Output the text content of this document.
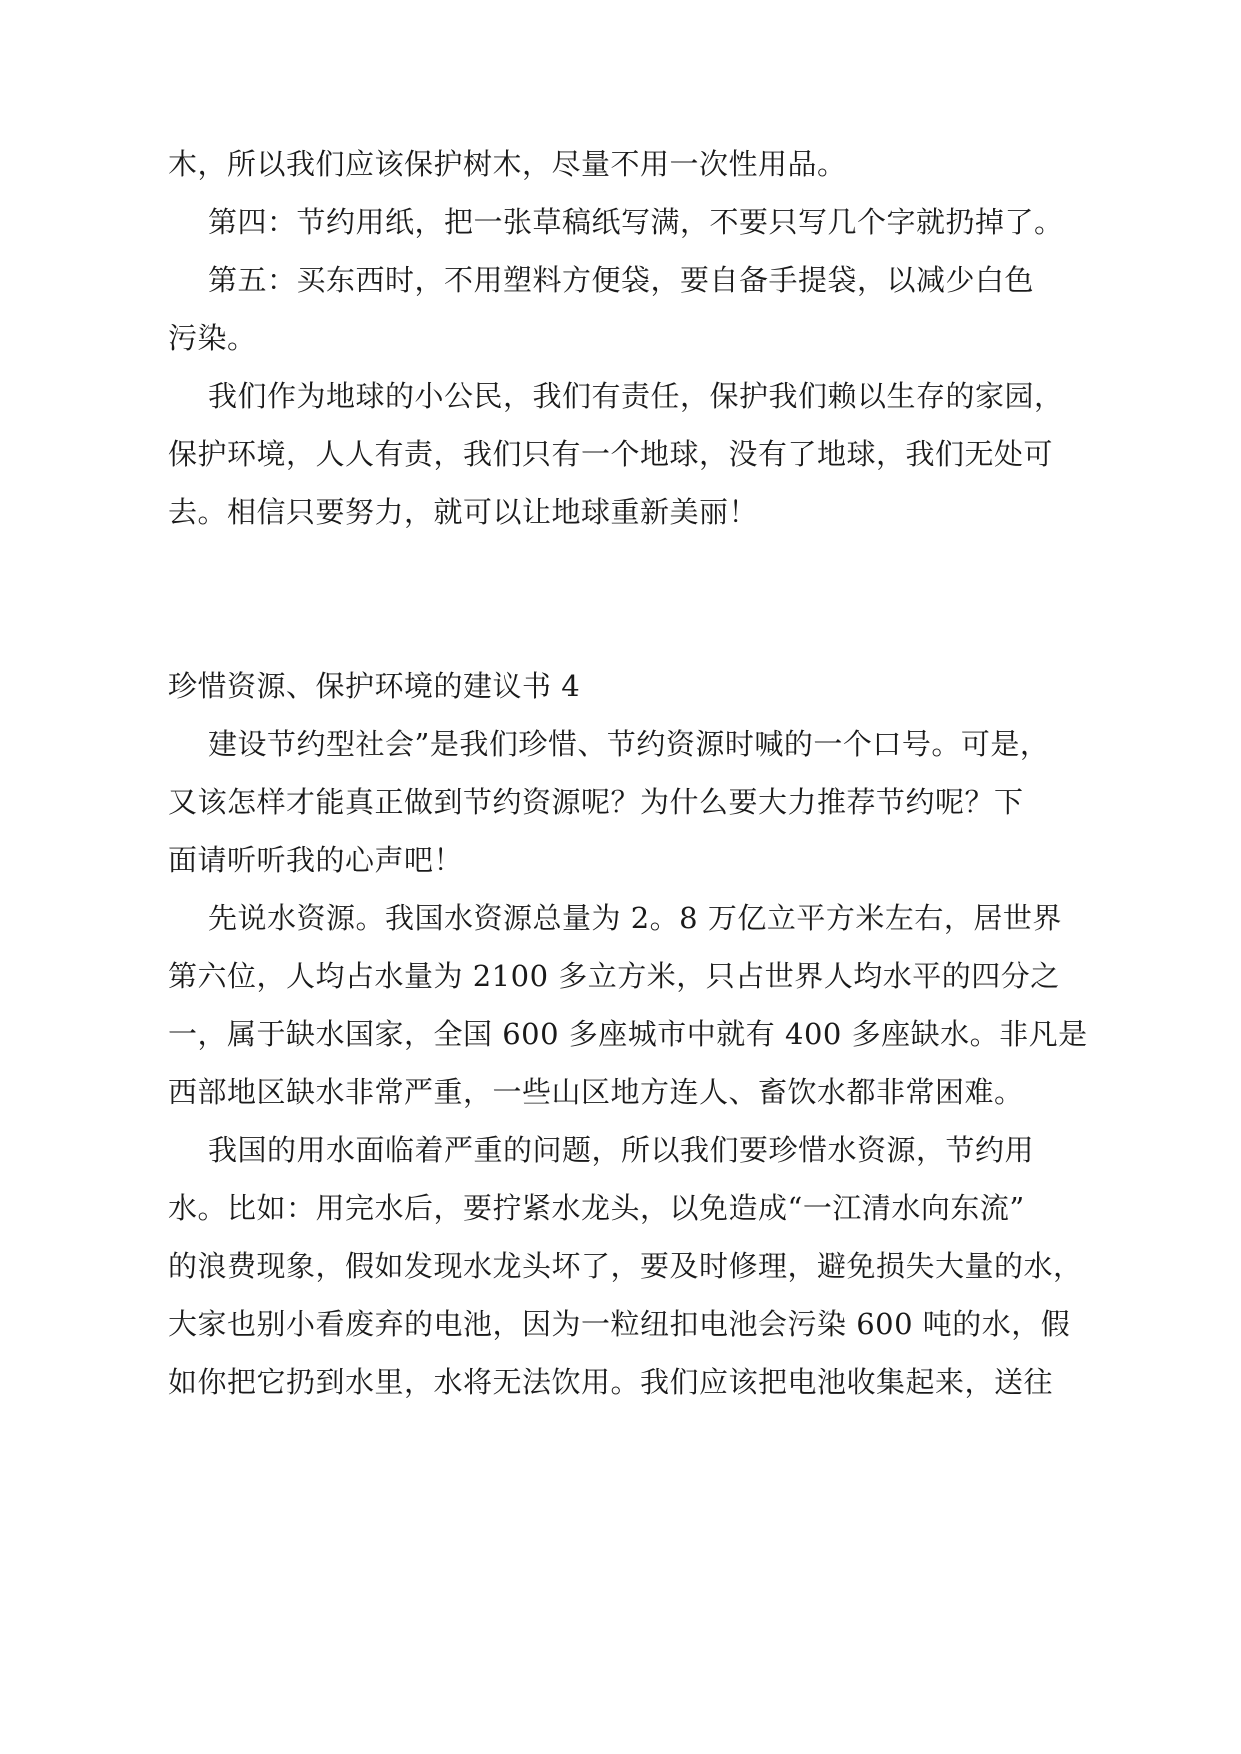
木，所以我们应该保护树木，尽量不用一次性用品。
第四：节约用纸，把一张草稿纸写满，不要只写几个字就扔掉了。
第五：买东西时，不用塑料方便袋，要自备手提袋，以减少白色
污染。
我们作为地球的小公民，我们有责任，保护我们赖以生存的家园，
保护环境，人人有责，我们只有一个地球，没有了地球，我们无处可
去。相信只要努力，就可以让地球重新美丽！
珍惜资源、保护环境的建议书 4
建设节约型社会”是我们珍惜、节约资源时喊的一个口号。可是，
又该怎样才能真正做到节约资源呢？为什么要大力推荐节约呢？下
面请听听我的心声吧！
先说水资源。我国水资源总量为 2。8 万亿立平方米左右，居世界
第六位，人均占水量为 2100 多立方米，只占世界人均水平的四分之
一，属于缺水国家，全国 600 多座城市中就有 400 多座缺水。非凡是
西部地区缺水非常严重，一些山区地方连人、畜饮水都非常困难。
我国的用水面临着严重的问题，所以我们要珍惜水资源，节约用
水。比如：用完水后，要拧紧水龙头，以免造成“一江清水向东流”
的浪费现象，假如发现水龙头坏了，要及时修理，避免损失大量的水，
大家也别小看废弃的电池，因为一粒纽扣电池会污染 600 吨的水，假
如你把它扔到水里，水将无法饮用。我们应该把电池收集起来，送往
